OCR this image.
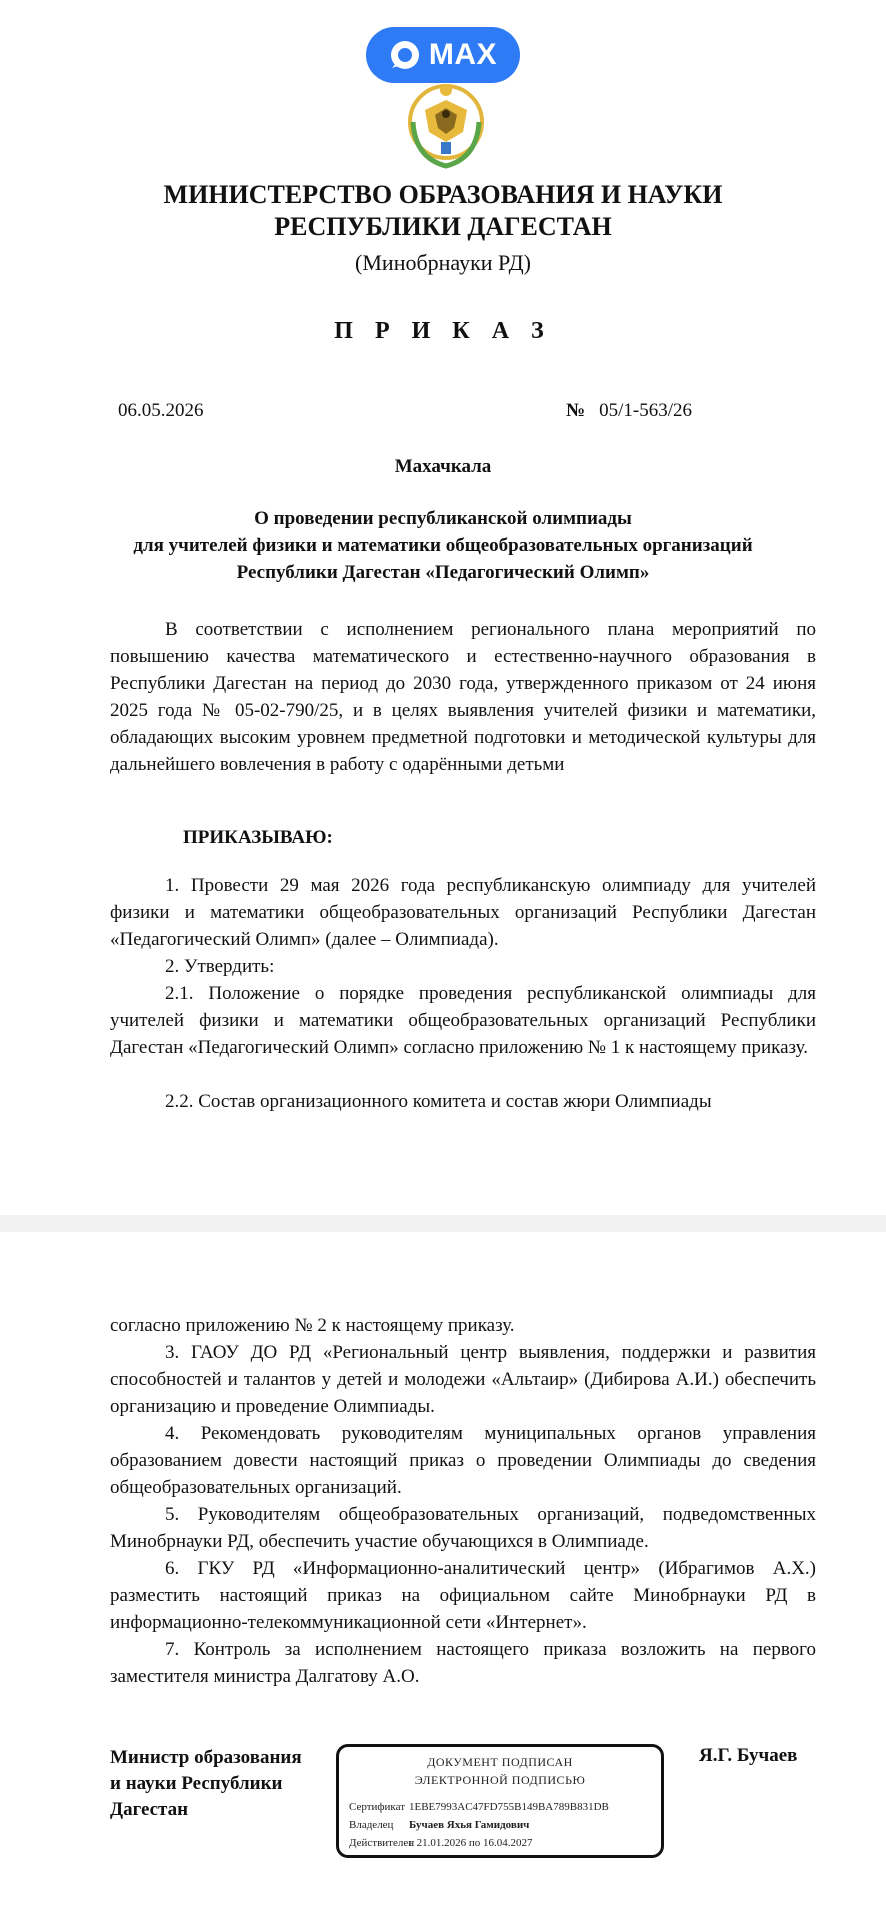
MAX
МИНИСТЕРСТВО ОБРАЗОВАНИЯ И НАУКИ
РЕСПУБЛИКИ ДАГЕСТАН
(Минобрнауки РД)
П Р И К А З
06.05.2026	№ 05/1-563/26
Махачкала
О проведении республиканской олимпиады
для учителей физики и математики общеобразовательных организаций
Республики Дагестан «Педагогический Олимп»

В соответствии с исполнением регионального плана мероприятий по повышению качества математического и естественно-научного образования в Республики Дагестан на период до 2030 года, утвержденного приказом от 24 июня 2025 года № 05-02-790/25, и в целях выявления учителей физики и математики, обладающих высоким уровнем предметной подготовки и методической культуры для дальнейшего вовлечения в работу с одарёнными детьми

ПРИКАЗЫВАЮ:

1. Провести 29 мая 2026 года республиканскую олимпиаду для учителей физики и математики общеобразовательных организаций Республики Дагестан «Педагогический Олимп» (далее – Олимпиада).

2. Утвердить:

2.1. Положение о порядке проведения республиканской олимпиады для учителей физики и математики общеобразовательных организаций Республики Дагестан «Педагогический Олимп» согласно приложению № 1 к настоящему приказу.

2.2. Состав организационного комитета и состав жюри Олимпиады

согласно приложению № 2 к настоящему приказу.

3. ГАОУ ДО РД «Региональный центр выявления, поддержки и развития способностей и талантов у детей и молодежи «Альтаир» (Дибирова А.И.) обеспечить организацию и проведение Олимпиады.

4. Рекомендовать руководителям муниципальных органов управления образованием довести настоящий приказ о проведении Олимпиады до сведения общеобразовательных организаций.

5. Руководителям общеобразовательных организаций, подведомственных Минобрнауки РД, обеспечить участие обучающихся в Олимпиаде.

6. ГКУ РД «Информационно-аналитический центр» (Ибрагимов А.Х.) разместить настоящий приказ на официальном сайте Минобрнауки РД в информационно-телекоммуникационной сети «Интернет».

7. Контроль за исполнением настоящего приказа возложить на первого заместителя министра Далгатову А.О.

Министр образования
и науки Республики
Дагестан
ДОКУМЕНТ ПОДПИСАН
ЭЛЕКТРОННОЙ ПОДПИСЬЮ
Сертификат 1EBE7993AC47FD755B149BA789B831DB
Владелец Бучаев Яхья Гамидович
Действителенс 21.01.2026 по 16.04.2027
Я.Г. Бучаев
